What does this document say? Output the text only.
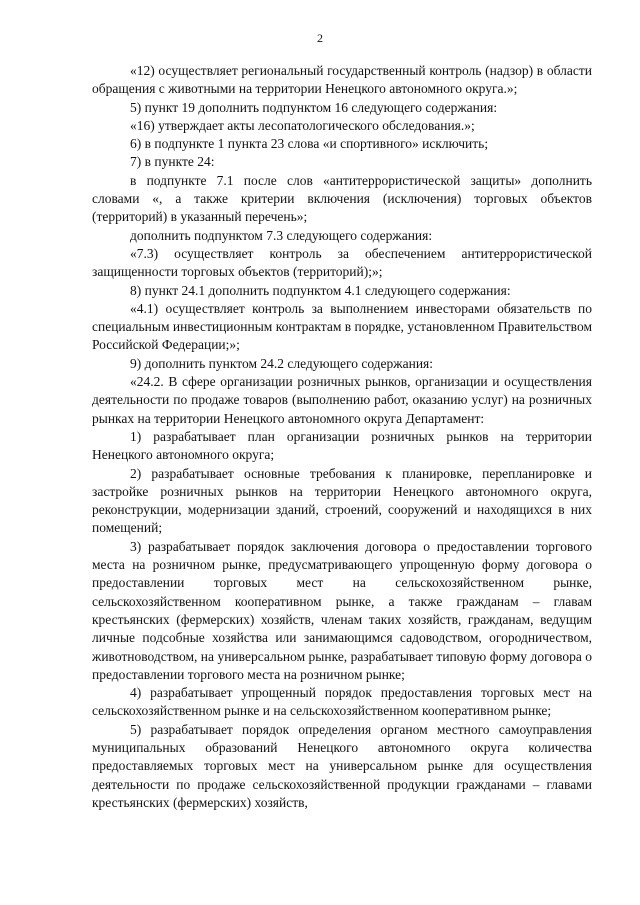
2

«12) осуществляет региональный государственный контроль (надзор) в области обращения с животными на территории Ненецкого автономного округа.»;

5) пункт 19 дополнить подпунктом 16 следующего содержания:

«16) утверждает акты лесопатологического обследования.»;

6) в подпункте 1 пункта 23 слова «и спортивного» исключить;

7) в пункте 24:

в подпункте 7.1 после слов «антитеррористической защиты» дополнить словами «, а также критерии включения (исключения) торговых объектов (территорий) в указанный перечень»;

дополнить подпунктом 7.3 следующего содержания:

«7.3) осуществляет контроль за обеспечением антитеррористической защищенности торговых объектов (территорий);»;

8) пункт 24.1 дополнить подпунктом 4.1 следующего содержания:

«4.1) осуществляет контроль за выполнением инвесторами обязательств по специальным инвестиционным контрактам в порядке, установленном Правительством Российской Федерации;»;

9) дополнить пунктом 24.2 следующего содержания:

«24.2. В сфере организации розничных рынков, организации и осуществления деятельности по продаже товаров (выполнению работ, оказанию услуг) на розничных рынках на территории Ненецкого автономного округа Департамент:

1) разрабатывает план организации розничных рынков на территории Ненецкого автономного округа;

2) разрабатывает основные требования к планировке, перепланировке и застройке розничных рынков на территории Ненецкого автономного округа, реконструкции, модернизации зданий, строений, сооружений и находящихся в них помещений;

3) разрабатывает порядок заключения договора о предоставлении торгового места на розничном рынке, предусматривающего упрощенную форму договора о предоставлении торговых мест на сельскохозяйственном рынке, сельскохозяйственном кооперативном рынке, а также гражданам – главам крестьянских (фермерских) хозяйств, членам таких хозяйств, гражданам, ведущим личные подсобные хозяйства или занимающимся садоводством, огородничеством, животноводством, на универсальном рынке, разрабатывает типовую форму договора о предоставлении торгового места на розничном рынке;

4) разрабатывает упрощенный порядок предоставления торговых мест на сельскохозяйственном рынке и на сельскохозяйственном кооперативном рынке;

5) разрабатывает порядок определения органом местного самоуправления муниципальных образований Ненецкого автономного округа количества предоставляемых торговых мест на универсальном рынке для осуществления деятельности по продаже сельскохозяйственной продукции гражданами – главами крестьянских (фермерских) хозяйств,
